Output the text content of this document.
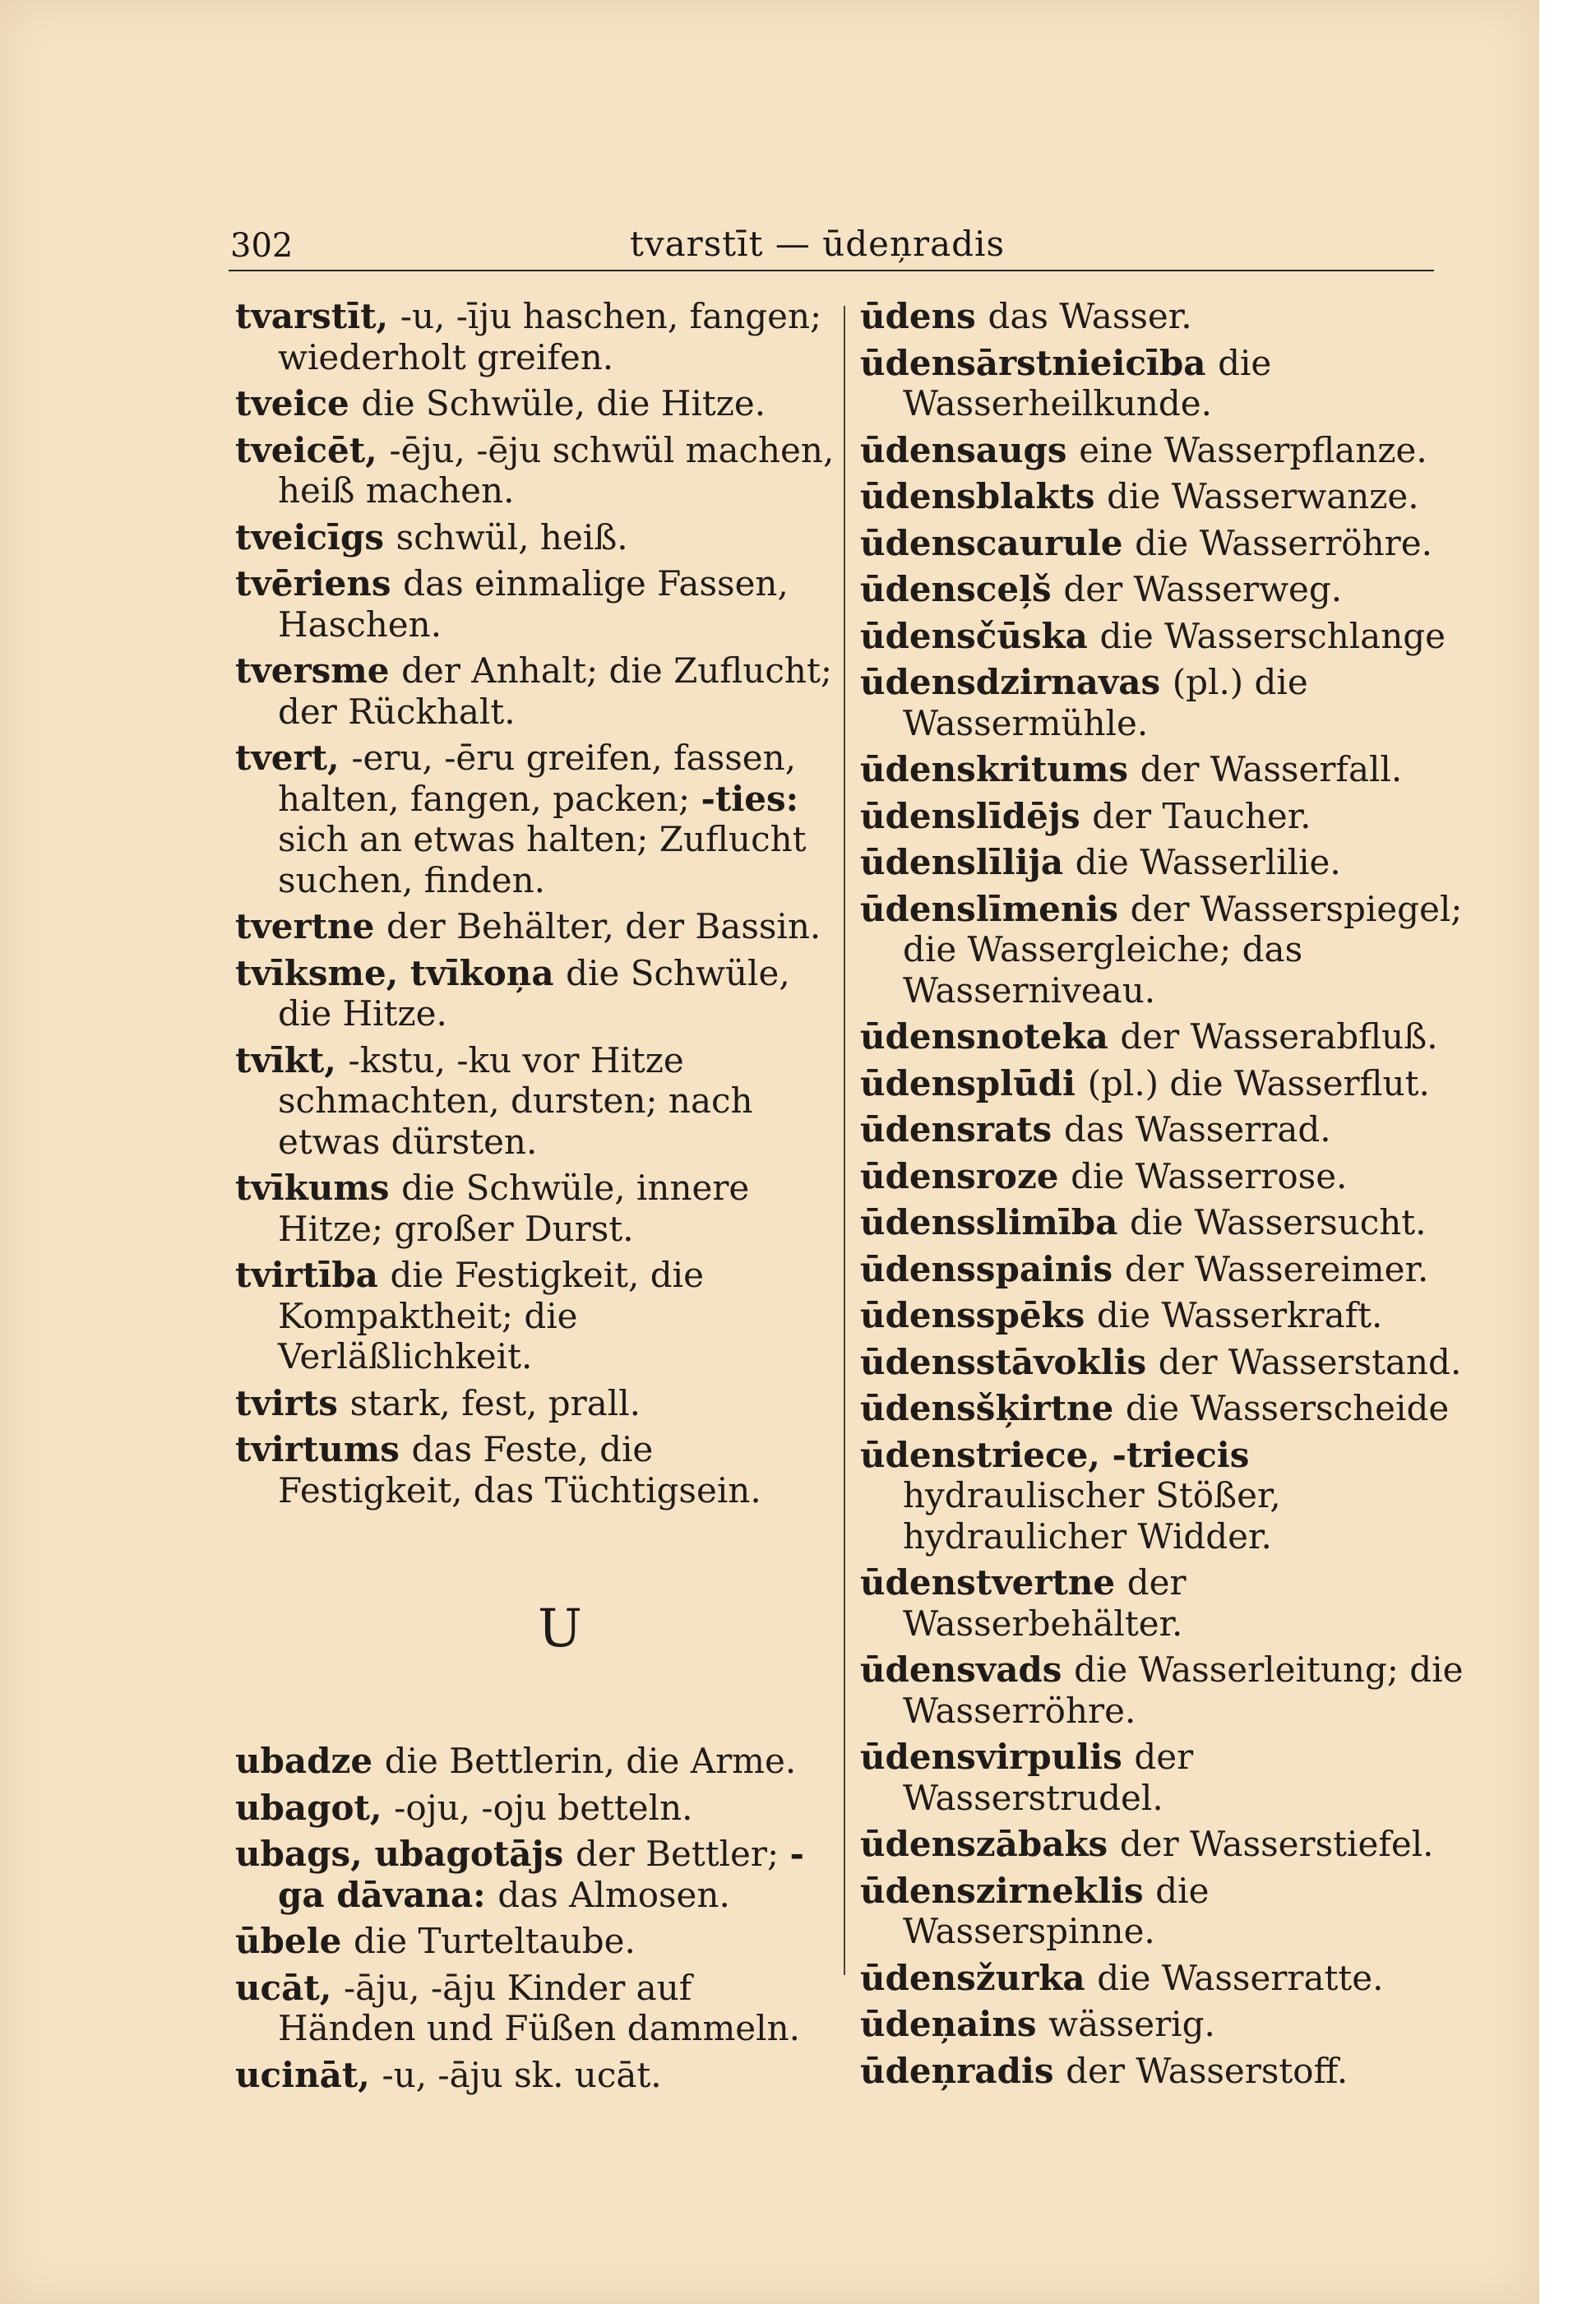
302	tvarstīt — ūdeņradis

tvarstīt, -u, -īju haschen, fangen; wiederholt greifen.

tveice die Schwüle, die Hitze.

tveicēt, -ēju, -ēju schwül machen, heiß machen.

tveicīgs schwül, heiß.

tvēriens das einmalige Fassen, Haschen.

tversme der Anhalt; die Zuflucht; der Rückhalt.

tvert, -eru, -ēru greifen, fassen, halten, fangen, packen; -ties: sich an etwas halten; Zuflucht suchen, finden.

tvertne der Behälter, der Bassin.

tvīksme, tvīkoņa die Schwüle, die Hitze.

tvīkt, -kstu, -ku vor Hitze schmachten, dursten; nach etwas dürsten.

tvīkums die Schwüle, innere Hitze; großer Durst.

tvirtība die Festigkeit, die Kompaktheit; die Verläßlichkeit.

tvirts stark, fest, prall.

tvirtums das Feste, die Festigkeit, das Tüchtigsein.

U

ubadze die Bettlerin, die Arme.

ubagot, -oju, -oju betteln.

ubags, ubagotājs der Bettler; -ga dāvana: das Almosen.

ūbele die Turteltaube.

ucāt, -āju, -āju Kinder auf Händen und Füßen dammeln.

ucināt, -u, -āju sk. ucāt.

ūdens das Wasser.

ūdensārstnieicība die Wasserheilkunde.

ūdensaugs eine Wasserpflanze.

ūdensblakts die Wasserwanze.

ūdenscaurule die Wasserröhre.

ūdensceļš der Wasserweg.

ūdensčūska die Wasserschlange

ūdensdzirnavas (pl.) die Wassermühle.

ūdenskritums der Wasserfall.

ūdenslīdējs der Taucher.

ūdenslīlija die Wasserlilie.

ūdenslīmenis der Wasserspiegel; die Wassergleiche; das Wasserniveau.

ūdensnoteka der Wasserabfluß.

ūdensplūdi (pl.) die Wasserflut.

ūdensrats das Wasserrad.

ūdensroze die Wasserrose.

ūdensslimība die Wassersucht.

ūdensspainis der Wassereimer.

ūdensspēks die Wasserkraft.

ūdensstāvoklis der Wasserstand.

ūdensšķirtne die Wasserscheide

ūdenstriece, -triecis hydraulischer Stößer, hydraulicher Widder.

ūdenstvertne der Wasserbehälter.

ūdensvads die Wasserleitung; die Wasserröhre.

ūdensvirpulis der Wasserstrudel.

ūdenszābaks der Wasserstiefel.

ūdenszirneklis die Wasserspinne.

ūdensžurka die Wasserratte.

ūdeņains wässerig.

ūdeņradis der Wasserstoff.
